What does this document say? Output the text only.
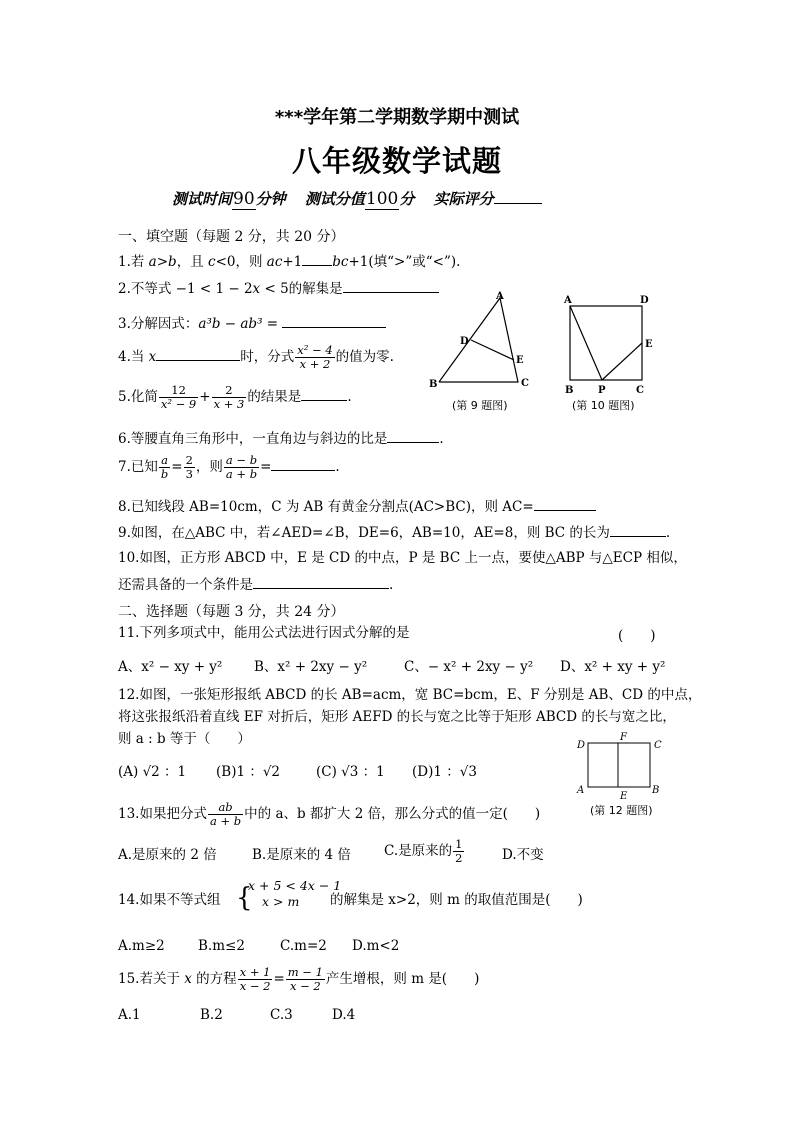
***学年第二学期数学期中测试
八年级数学试题
测试时间90分钟 测试分值100分 实际评分
一、填空题（每题 2 分，共 20 分）
1.若 a>b，且 c<0，则 ac+1 bc+1(填“>”或“<”).
2.不等式 −1 < 1 − 2x < 5的解集是
3.分解因式：a³b − ab³ =
4.当 x	时，分式 $\frac{\text{x² − 4}}{x + 2}$ 的值为零.
5.化简 $\frac{12}{\text{x² − 9}} + \frac{2}{x + 3}$ 的结果是	.
6.等腰直角三角形中，一直角边与斜边的比是	.
7.已知 $\frac{a}{b} = \frac{2}{3}$ ，则 $\frac{a - b}{a + b}$ =	.
8.已知线段 AB=10cm，C 为 AB 有黄金分割点(AC>BC)，则 AC=
9.如图，在△ABC 中，若∠AED=∠B，DE=6，AB=10，AE=8，则 BC 的长为	.
10.如图，正方形 ABCD 中，E 是 CD 的中点，P 是 BC 上一点，要使△ABP 与△ECP 相似，
还需具备的一个条件是	.
二、选择题（每题 3 分，共 24 分）
11.下列多项式中，能用公式法进行因式分解的是	(　　)
A、x² − xy + y² B、x² + 2xy − y²	C、− x² + 2xy − y² D、x² + xy + y²
12.如图，一张矩形报纸 ABCD 的长 AB=acm，宽 BC=bcm，E、F 分别是 AB、CD 的中点，
将这张报纸沿着直线 EF 对折后，矩形 AEFD 的长与宽之比等于矩形 ABCD 的长与宽之比，
则 a : b 等于（　　）
(A) √2 ：1 (B)1 ：√2	(C) √3 ：1 (D)1 ：√3
D
F
C
A
E
B
(第 12 题图)
13.如果把分式 $\frac{ab}{a + b}$ 中的 a、b 都扩大 2 倍，那么分式的值一定(　　)
A.是原来的 2 倍	B.是原来的 4 倍 C.是原来的 $\frac{1}{2}$	D.不变
14.如果不等式组 {
x + 5 < 4x − 1
x > m	的解集是 x>2，则 m 的取值范围是(　　)
A.m≥2 B.m≤2	C.m=2 D.m<2
15.若关于 x 的方程 $\frac{x + 1}{x - 2} = \frac{m - 1}{x - 2}$ 产生增根，则 m 是(　　)
A.1	B.2	C.3	D.4
A
D
E
B	C
(第 9 题图)
A	D
E
B P	C
(第 10 题图)
